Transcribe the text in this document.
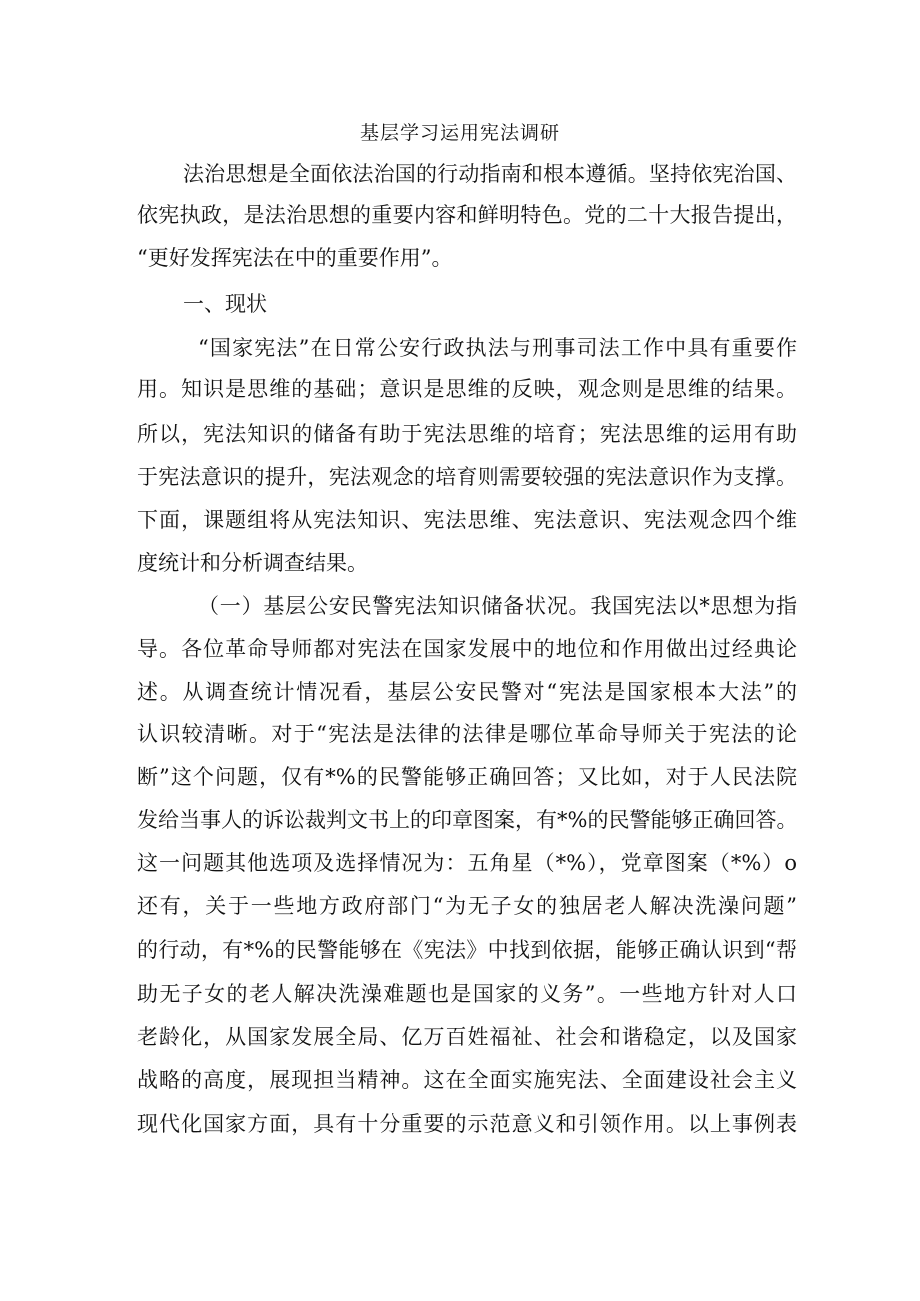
基层学习运用宪法调研
法治思想是全面依法治国的行动指南和根本遵循。坚持依宪治国、
依宪执政，是法治思想的重要内容和鲜明特色。党的二十大报告提出，
“更好发挥宪法在中的重要作用”。
一、现状
“国家宪法”在日常公安行政执法与刑事司法工作中具有重要作
用。知识是思维的基础；意识是思维的反映，观念则是思维的结果。
所以，宪法知识的储备有助于宪法思维的培育；宪法思维的运用有助
于宪法意识的提升，宪法观念的培育则需要较强的宪法意识作为支撑。
下面，课题组将从宪法知识、宪法思维、宪法意识、宪法观念四个维
度统计和分析调查结果。
（一）基层公安民警宪法知识储备状况。我国宪法以*思想为指
导。各位革命导师都对宪法在国家发展中的地位和作用做出过经典论
述。从调查统计情况看，基层公安民警对“宪法是国家根本大法”的
认识较清晰。对于“宪法是法律的法律是哪位革命导师关于宪法的论
断”这个问题，仅有*%的民警能够正确回答；又比如，对于人民法院
发给当事人的诉讼裁判文书上的印章图案，有*%的民警能够正确回答。
这一问题其他选项及选择情况为：五角星（*%），党章图案（*%）o
还有，关于一些地方政府部门“为无子女的独居老人解决洗澡问题”
的行动，有*%的民警能够在《宪法》中找到依据，能够正确认识到“帮
助无子女的老人解决洗澡难题也是国家的义务”。一些地方针对人口
老龄化，从国家发展全局、亿万百姓福祉、社会和谐稳定，以及国家
战略的高度，展现担当精神。这在全面实施宪法、全面建设社会主义
现代化国家方面，具有十分重要的示范意义和引领作用。以上事例表
